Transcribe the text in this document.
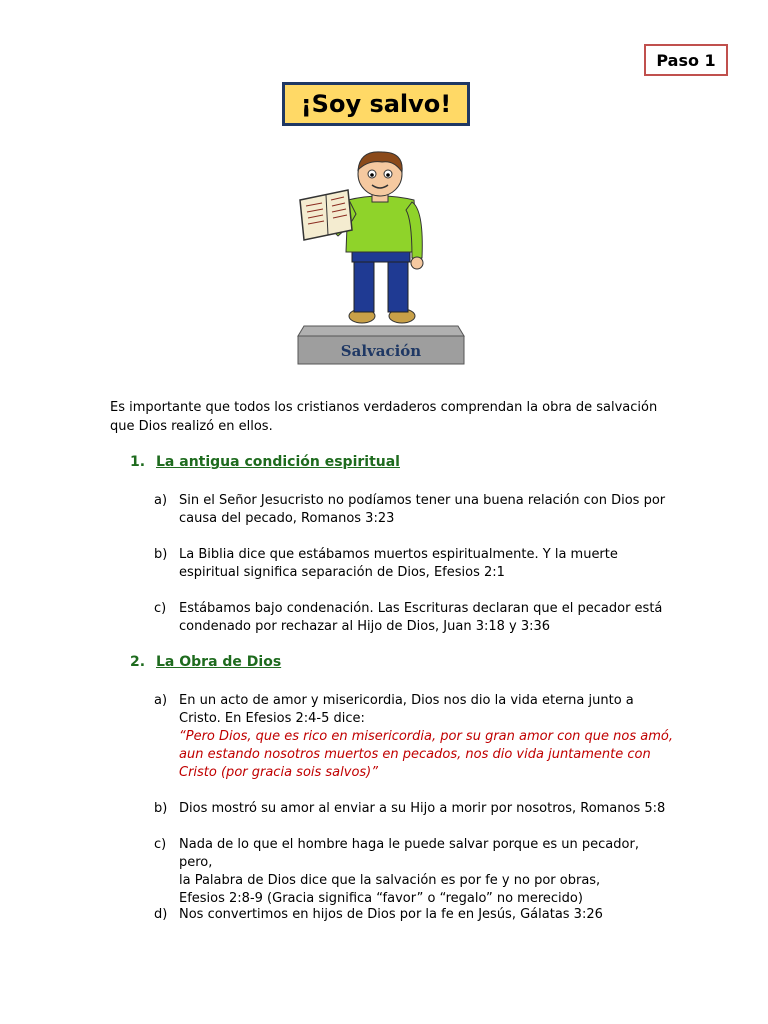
Paso 1
¡Soy salvo!
Salvación
Es importante que todos los cristianos verdaderos comprendan la obra de salvación que Dios realizó en ellos.
1. La antigua condición espiritual
a) Sin el Señor Jesucristo no podíamos tener una buena relación con Dios por causa del pecado, Romanos 3:23
b) La Biblia dice que estábamos muertos espiritualmente. Y la muerte espiritual significa separación de Dios, Efesios 2:1
c) Estábamos bajo condenación. Las Escrituras declaran que el pecador está condenado por rechazar al Hijo de Dios, Juan 3:18 y 3:36
2. La Obra de Dios
a) En un acto de amor y misericordia, Dios nos dio la vida eterna junto a Cristo. En Efesios 2:4-5 dice:
“Pero Dios, que es rico en misericordia, por su gran amor con que nos amó, aun estando nosotros muertos en pecados, nos dio vida juntamente con Cristo (por gracia sois salvos)”
b) Dios mostró su amor al enviar a su Hijo a morir por nosotros, Romanos 5:8
c) Nada de lo que el hombre haga le puede salvar porque es un pecador, pero,
la Palabra de Dios dice que la salvación es por fe y no por obras,
Efesios 2:8-9 (Gracia significa “favor” o “regalo” no merecido)
d) Nos convertimos en hijos de Dios por la fe en Jesús, Gálatas 3:26
